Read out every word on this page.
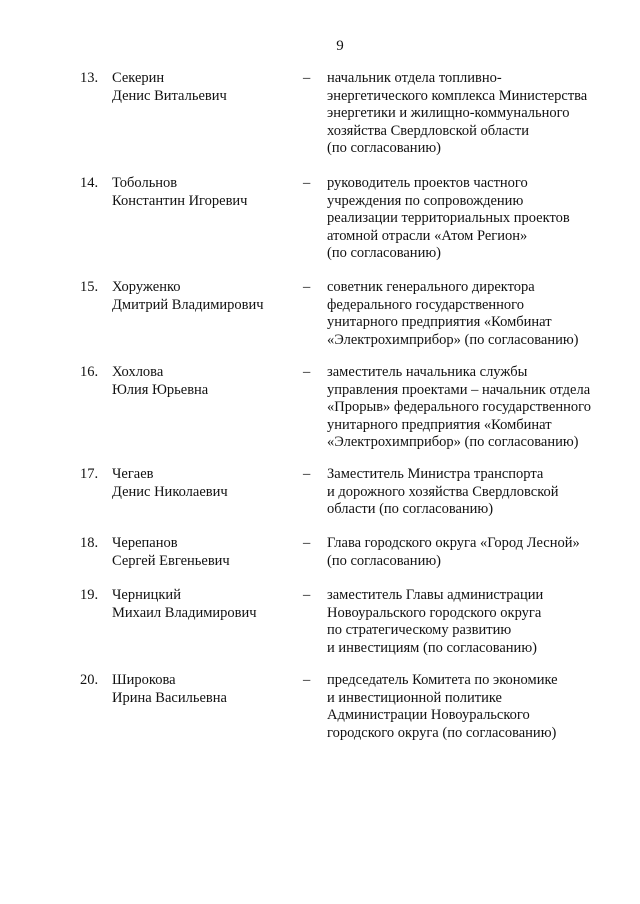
9
13. Секерин
Денис Витальевич
–	начальник отдела топливно-
энергетического комплекса Министерства
энергетики и жилищно-коммунального
хозяйства Свердловской области
(по согласованию)
14. Тобольнов
Константин Игоревич
–	руководитель проектов частного
учреждения по сопровождению
реализации территориальных проектов
атомной отрасли «Атом Регион»
(по согласованию)
15. Хоруженко
Дмитрий Владимирович
–	советник генерального директора
федерального государственного
унитарного предприятия «Комбинат
«Электрохимприбор» (по согласованию)
16. Хохлова
Юлия Юрьевна
–	заместитель начальника службы
управления проектами – начальник отдела
«Прорыв» федерального государственного
унитарного предприятия «Комбинат
«Электрохимприбор» (по согласованию)
17. Чегаев
Денис Николаевич
–	Заместитель Министра транспорта
и дорожного хозяйства Свердловской
области (по согласованию)
18. Черепанов
Сергей Евгеньевич
–	Глава городского округа «Город Лесной»
(по согласованию)
19. Черницкий
Михаил Владимирович
–	заместитель Главы администрации
Новоуральского городского округа
по стратегическому развитию
и инвестициям (по согласованию)
20. Широкова
Ирина Васильевна
–	председатель Комитета по экономике
и инвестиционной политике
Администрации Новоуральского
городского округа (по согласованию)
